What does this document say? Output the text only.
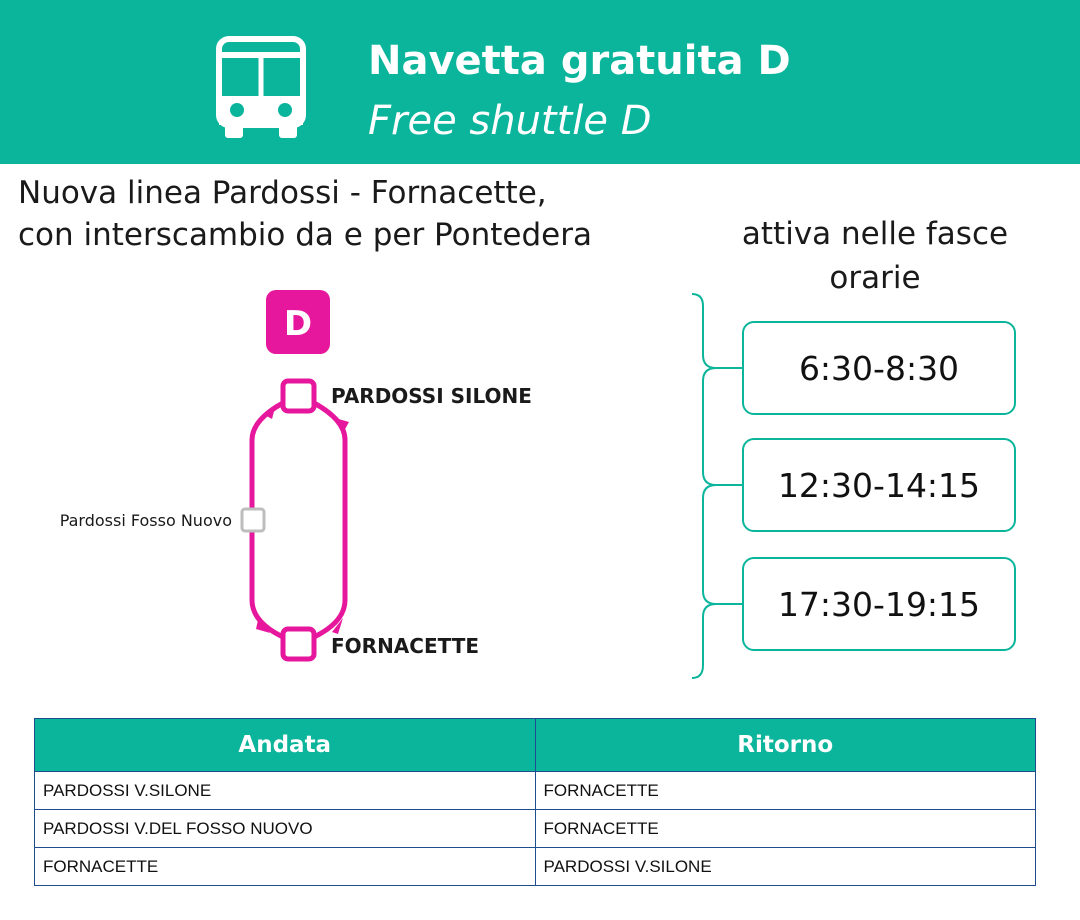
Navetta gratuita D
Free shuttle D
Nuova linea Pardossi - Fornacette,
con interscambio da e per Pontedera	attiva nelle fasce orarie
D
PARDOSSI SILONE
FORNACETTE
Pardossi Fosso Nuovo
6:30-8:30
12:30-14:15
17:30-19:15
Andata	Ritorno
PARDOSSI V.SILONE	FORNACETTE
PARDOSSI V.DEL FOSSO NUOVO	FORNACETTE
FORNACETTE	PARDOSSI V.SILONE
